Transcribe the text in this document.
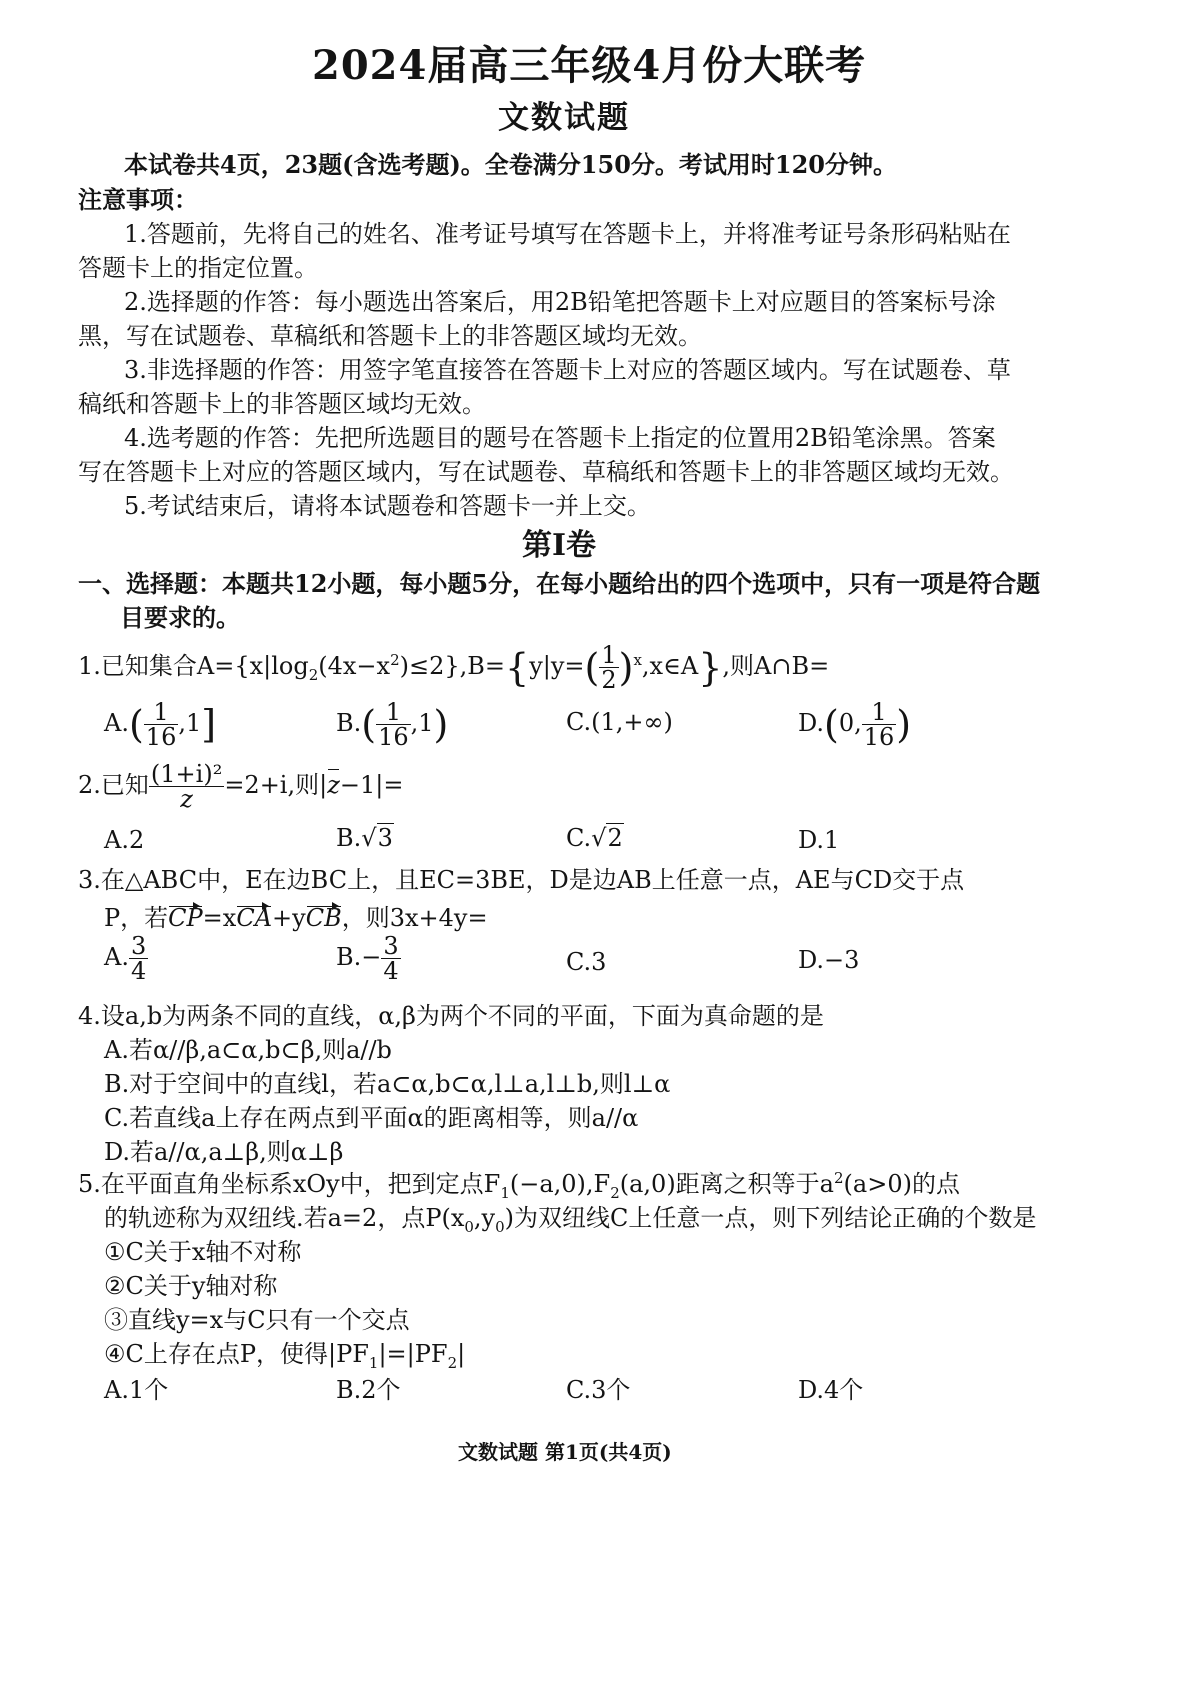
2024届高三年级4月份大联考
文数试题
本试卷共4页，23题(含选考题)。全卷满分150分。考试用时120分钟。
注意事项：
1.答题前，先将自己的姓名、准考证号填写在答题卡上，并将准考证号条形码粘贴在
答题卡上的指定位置。
2.选择题的作答：每小题选出答案后，用2B铅笔把答题卡上对应题目的答案标号涂
黑，写在试题卷、草稿纸和答题卡上的非答题区域均无效。
3.非选择题的作答：用签字笔直接答在答题卡上对应的答题区域内。写在试题卷、草
稿纸和答题卡上的非答题区域均无效。
4.选考题的作答：先把所选题目的题号在答题卡上指定的位置用2B铅笔涂黑。答案
写在答题卡上对应的答题区域内，写在试题卷、草稿纸和答题卡上的非答题区域均无效。
5.考试结束后，请将本试题卷和答题卡一并上交。
第Ⅰ卷
一、选择题：本题共12小题，每小题5分，在每小题给出的四个选项中，只有一项是符合题
目要求的。
1.已知集合$A=\{x|\log_2(4x-x^2)\le 2\},B=\{y|y=( \frac{1}{2}$ )$^x,x\in A$},则A∩B=
$A.( \frac{1}{16} ,1]$	$B.( \frac{1}{16} ,1)$	C.(1,+∞)	D.(0, $\frac{1}{16}$ )
2.已知 $\frac{\text{(1+i)²}}{z} =2+i$,则|z−1|=
A.2	B.√3	C.√2	D.1
3.在△ABC中，E在边BC上，且EC=3BE，D是边AB上任意一点，AE与CD交于点
P，若CP=xCA+yCB，则3x+4y=
A. $\frac{3}{4}$	$B.- \frac{3}{4}$	C.3	D.−3
4.设a,b为两条不同的直线，α,β为两个不同的平面，下面为真命题的是
A.若α//β,a⊂α,b⊂β,则a//b
B.对于空间中的直线l，若a⊂α,b⊂α,l⊥a,l⊥b,则l⊥α
C.若直线a上存在两点到平面α的距离相等，则a//α
D.若a//α,a⊥β,则α⊥β
5.在平面直角坐标系xOy中，把到定点$F_1(-a,0),F_2(a,0)$距离之积等于$a^2(a>0)$的点
的轨迹称为双纽线.若a=2，点$P(x_0,y_0)$为双纽线C上任意一点，则下列结论正确的个数是
①C关于x轴不对称
②C关于y轴对称
③直线y=x与C只有一个交点
④C上存在点P，使得$|PF_1|=|PF_2|$
A.1个	B.2个	C.3个	D.4个
文数试题 第1页(共4页)
